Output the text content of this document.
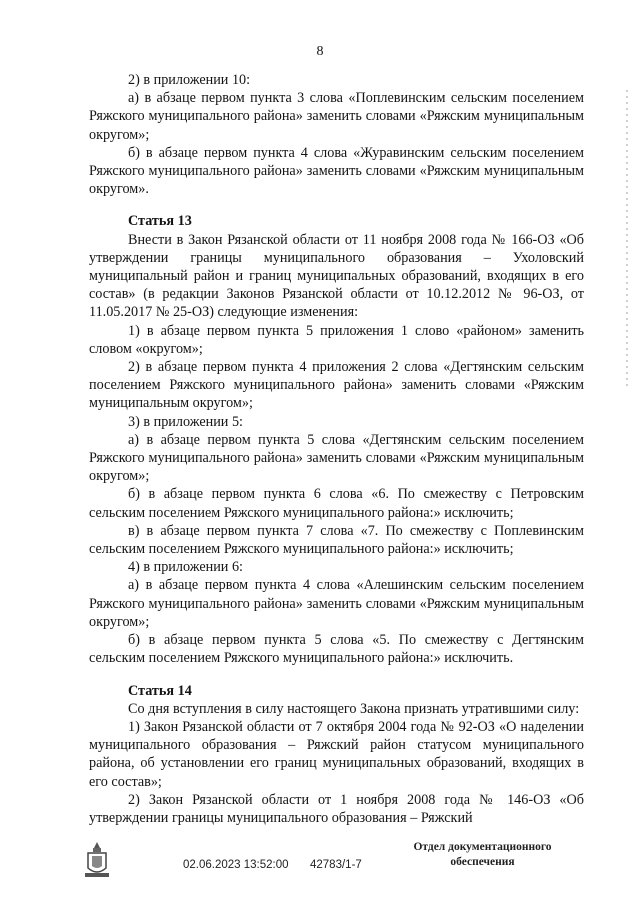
8

2) в приложении 10:

а) в абзаце первом пункта 3 слова «Поплевинским сельским поселением Ряжского муниципального района» заменить словами «Ряжским муниципальным округом»;

б) в абзаце первом пункта 4 слова «Журавинским сельским поселением Ряжского муниципального района» заменить словами «Ряжским муниципальным округом».

Статья 13

Внести в Закон Рязанской области от 11 ноября 2008 года № 166-ОЗ «Об утверждении границы муниципального образования – Ухоловский муниципальный район и границ муниципальных образований, входящих в его состав» (в редакции Законов Рязанской области от 10.12.2012 № 96-ОЗ, от 11.05.2017 № 25-ОЗ) следующие изменения:

1) в абзаце первом пункта 5 приложения 1 слово «районом» заменить словом «округом»;

2) в абзаце первом пункта 4 приложения 2 слова «Дегтянским сельским поселением Ряжского муниципального района» заменить словами «Ряжским муниципальным округом»;

3) в приложении 5:

а) в абзаце первом пункта 5 слова «Дегтянским сельским поселением Ряжского муниципального района» заменить словами «Ряжским муниципальным округом»;

б) в абзаце первом пункта 6 слова «6. По смежеству с Петровским сельским поселением Ряжского муниципального района:» исключить;

в) в абзаце первом пункта 7 слова «7. По смежеству с Поплевинским сельским поселением Ряжского муниципального района:» исключить;

4) в приложении 6:

а) в абзаце первом пункта 4 слова «Алешинским сельским поселением Ряжского муниципального района» заменить словами «Ряжским муниципальным округом»;

б) в абзаце первом пункта 5 слова «5. По смежеству с Дегтянским сельским поселением Ряжского муниципального района:» исключить.

Статья 14

Со дня вступления в силу настоящего Закона признать утратившими силу:

1) Закон Рязанской области от 7 октября 2004 года № 92-ОЗ «О наделении муниципального образования – Ряжский район статусом муниципального района, об установлении его границ муниципальных образований, входящих в его состав»;

2) Закон Рязанской области от 1 ноября 2008 года № 146-ОЗ «Об утверждении границы муниципального образования – Ряжский

02.06.2023 13:52:00 42783/1-7
Отдел документационного
обеспечения
